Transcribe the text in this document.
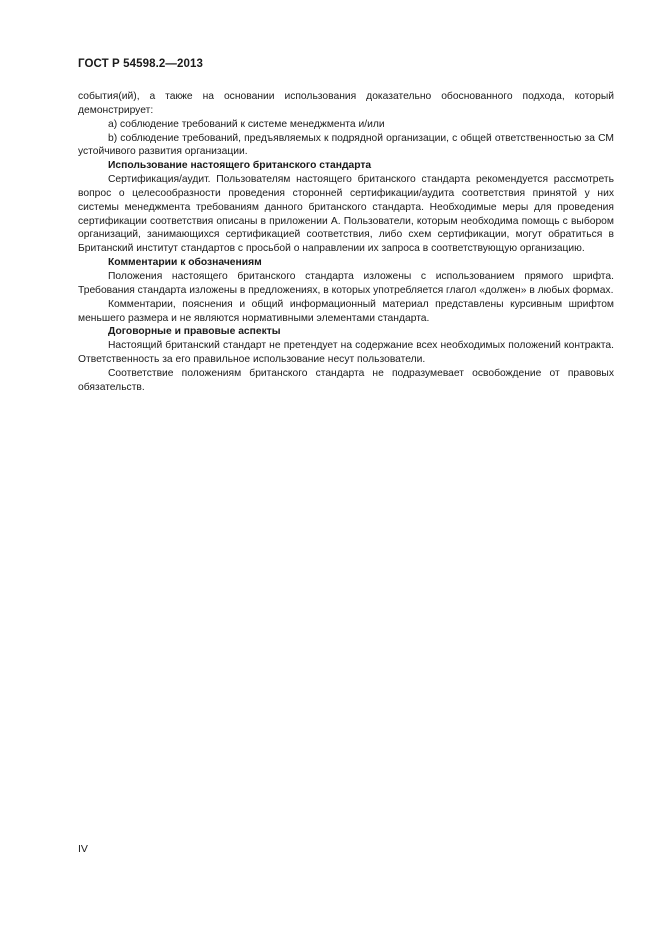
ГОСТ Р 54598.2—2013

события(ий), а также на основании использования доказательно обоснованного подхода, который демонстрирует:

a) соблюдение требований к системе менеджмента и/или

b) соблюдение требований, предъявляемых к подрядной организации, с общей ответственностью за СМ устойчивого развития организации.

Использование настоящего британского стандарта

Сертификация/аудит. Пользователям настоящего британского стандарта рекомендуется рассмотреть вопрос о целесообразности проведения сторонней сертификации/аудита соответствия принятой у них системы менеджмента требованиям данного британского стандарта. Необходимые меры для проведения сертификации соответствия описаны в приложении А. Пользователи, которым необходима помощь с выбором организаций, занимающихся сертификацией соответствия, либо схем сертификации, могут обратиться в Британский институт стандартов с просьбой о направлении их запроса в соответствующую организацию.

Комментарии к обозначениям

Положения настоящего британского стандарта изложены с использованием прямого шрифта. Требования стандарта изложены в предложениях, в которых употребляется глагол «должен» в любых формах.

Комментарии, пояснения и общий информационный материал представлены курсивным шрифтом меньшего размера и не являются нормативными элементами стандарта.

Договорные и правовые аспекты

Настоящий британский стандарт не претендует на содержание всех необходимых положений контракта. Ответственность за его правильное использование несут пользователи.

Соответствие положениям британского стандарта не подразумевает освобождение от правовых обязательств.

IV
